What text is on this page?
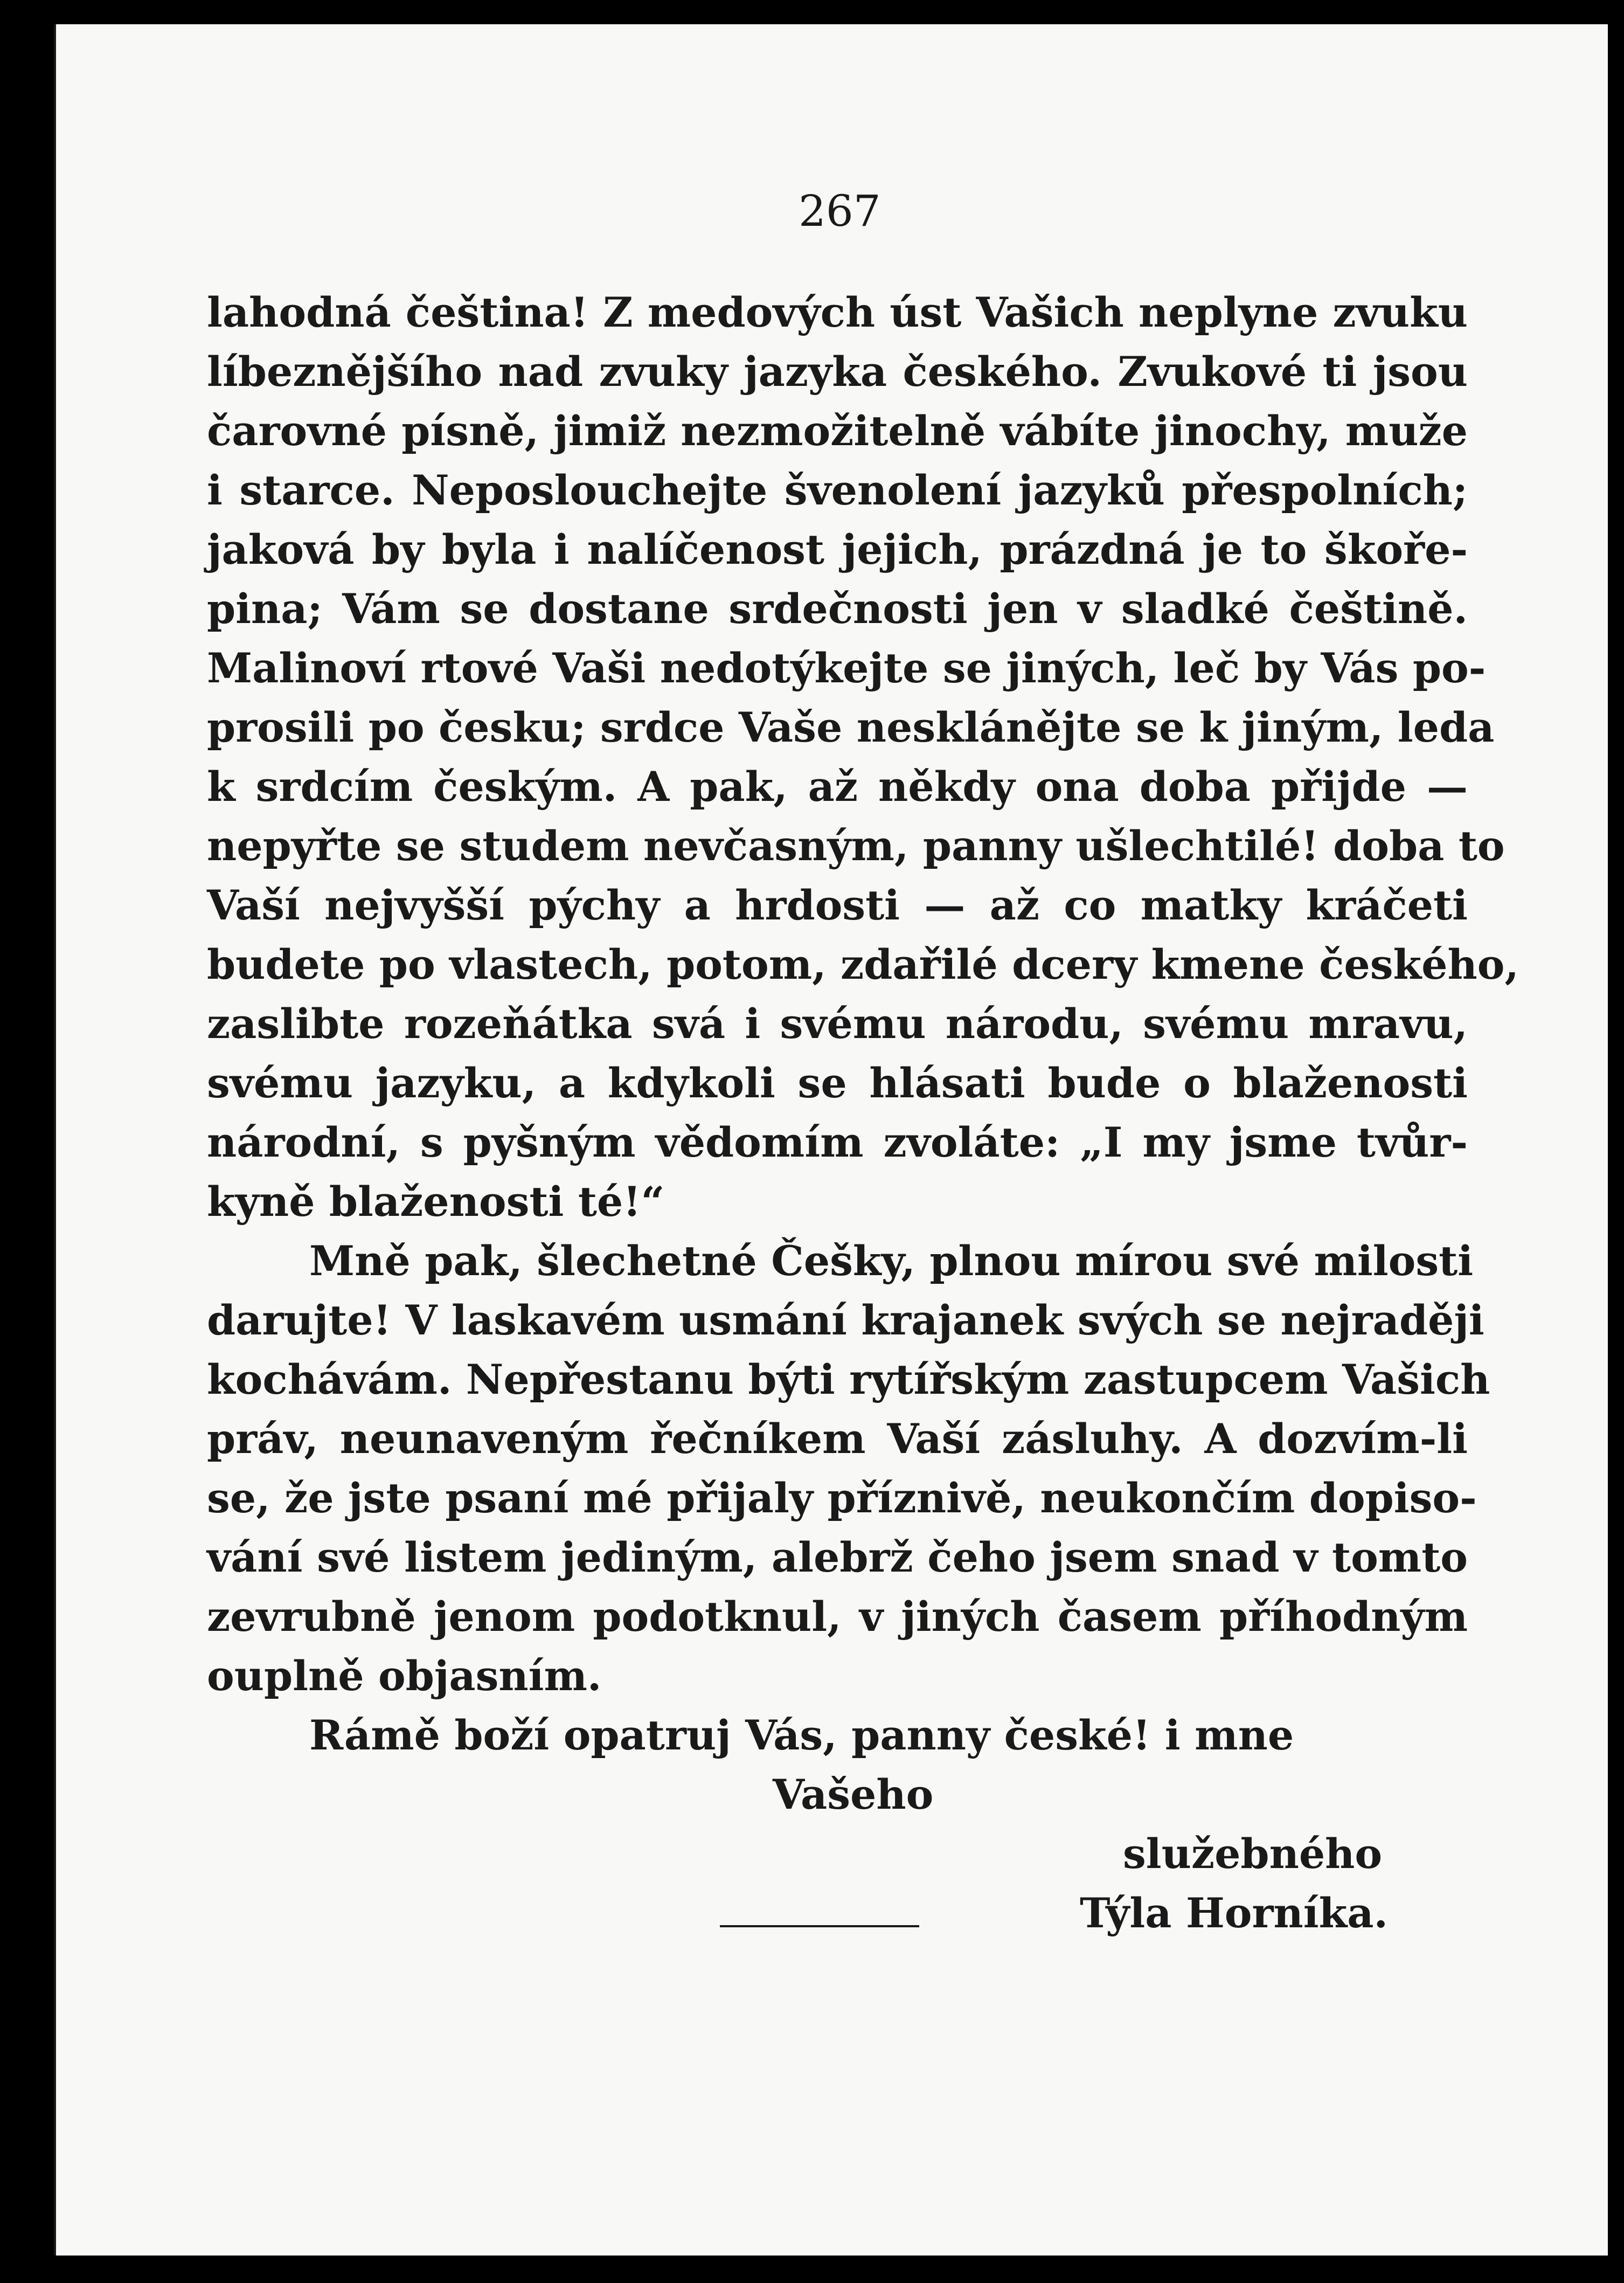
267
lahodná čeština! Z medových úst Vašich neplyne zvuku
líbeznějšího nad zvuky jazyka českého. Zvukové ti jsou
čarovné písně, jimiž nezmožitelně vábíte jinochy, muže
i starce. Neposlouchejte švenolení jazyků přespolních;
jaková by byla i nalíčenost jejich, prázdná je to škoře-
pina; Vám se dostane srdečnosti jen v sladké češtině.
Malinoví rtové Vaši nedotýkejte se jiných, leč by Vás po-
prosili po česku; srdce Vaše nesklánějte se k jiným, leda
k srdcím českým. A pak, až někdy ona doba přijde —
nepyřte se studem nevčasným, panny ušlechtilé! doba to
Vaší nejvyšší pýchy a hrdosti — až co matky kráčeti
budete po vlastech, potom, zdařilé dcery kmene českého,
zaslibte rozeňátka svá i svému národu, svému mravu,
svému jazyku, a kdykoli se hlásati bude o blaženosti
národní, s pyšným vědomím zvoláte: „I my jsme tvůr-
kyně blaženosti té!“
Mně pak, šlechetné Češky, plnou mírou své milosti
darujte! V laskavém usmání krajanek svých se nejraději
kochávám. Nepřestanu býti rytířským zastupcem Vašich
práv, neunaveným řečníkem Vaší zásluhy. A dozvím-li
se, že jste psaní mé přijaly příznivě, neukončím dopiso-
vání své listem jediným, alebrž čeho jsem snad v tomto
zevrubně jenom podotknul, v jiných časem příhodným
ouplně objasním.
Rámě boží opatruj Vás, panny české! i mne
Vašeho
služebného
Týla Horníka.
